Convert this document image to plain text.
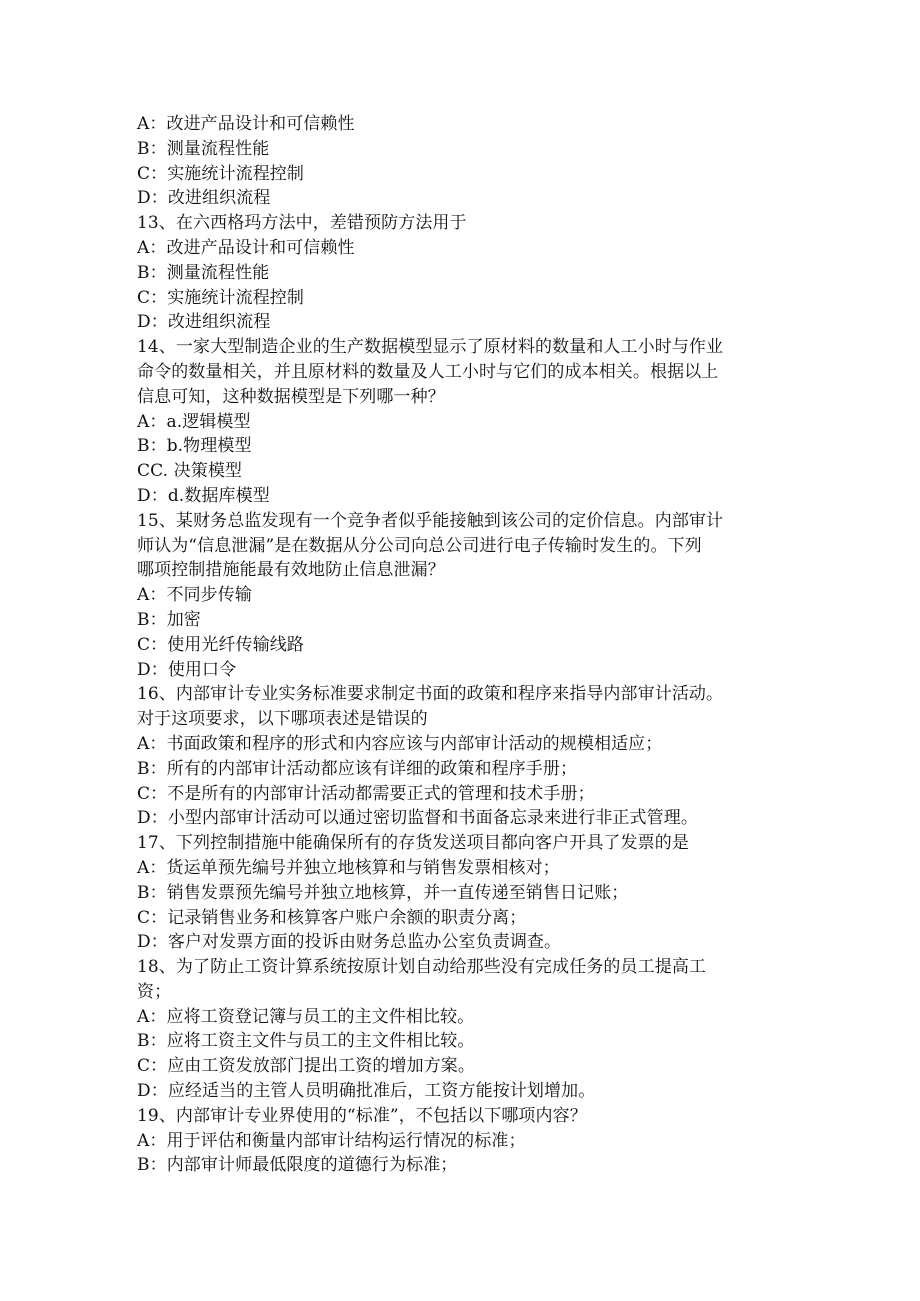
A：改进产品设计和可信赖性

B：测量流程性能

C：实施统计流程控制

D：改进组织流程

13、在六西格玛方法中，差错预防方法用于

A：改进产品设计和可信赖性

B：测量流程性能

C：实施统计流程控制

D：改进组织流程

14、一家大型制造企业的生产数据模型显示了原材料的数量和人工小时与作业

命令的数量相关，并且原材料的数量及人工小时与它们的成本相关。根据以上

信息可知，这种数据模型是下列哪一种？

A：a.逻辑模型

B：b.物理模型

CC. 决策模型

D：d.数据库模型

15、某财务总监发现有一个竞争者似乎能接触到该公司的定价信息。内部审计

师认为“信息泄漏”是在数据从分公司向总公司进行电子传输时发生的。下列

哪项控制措施能最有效地防止信息泄漏？

A：不同步传输

B：加密

C：使用光纤传输线路

D：使用口令

16、内部审计专业实务标准要求制定书面的政策和程序来指导内部审计活动。

对于这项要求，以下哪项表述是错误的

A：书面政策和程序的形式和内容应该与内部审计活动的规模相适应；

B：所有的内部审计活动都应该有详细的政策和程序手册；

C：不是所有的内部审计活动都需要正式的管理和技术手册；

D：小型内部审计活动可以通过密切监督和书面备忘录来进行非正式管理。

17、下列控制措施中能确保所有的存货发送项目都向客户开具了发票的是

A：货运单预先编号并独立地核算和与销售发票相核对；

B：销售发票预先编号并独立地核算，并一直传递至销售日记账；

C：记录销售业务和核算客户账户余额的职责分离；

D：客户对发票方面的投诉由财务总监办公室负责调查。

18、为了防止工资计算系统按原计划自动给那些没有完成任务的员工提高工

资；

A：应将工资登记簿与员工的主文件相比较。

B：应将工资主文件与员工的主文件相比较。

C：应由工资发放部门提出工资的增加方案。

D：应经适当的主管人员明确批准后，工资方能按计划增加。

19、内部审计专业界使用的“标准”，不包括以下哪项内容？

A：用于评估和衡量内部审计结构运行情况的标准；

B：内部审计师最低限度的道德行为标准；
